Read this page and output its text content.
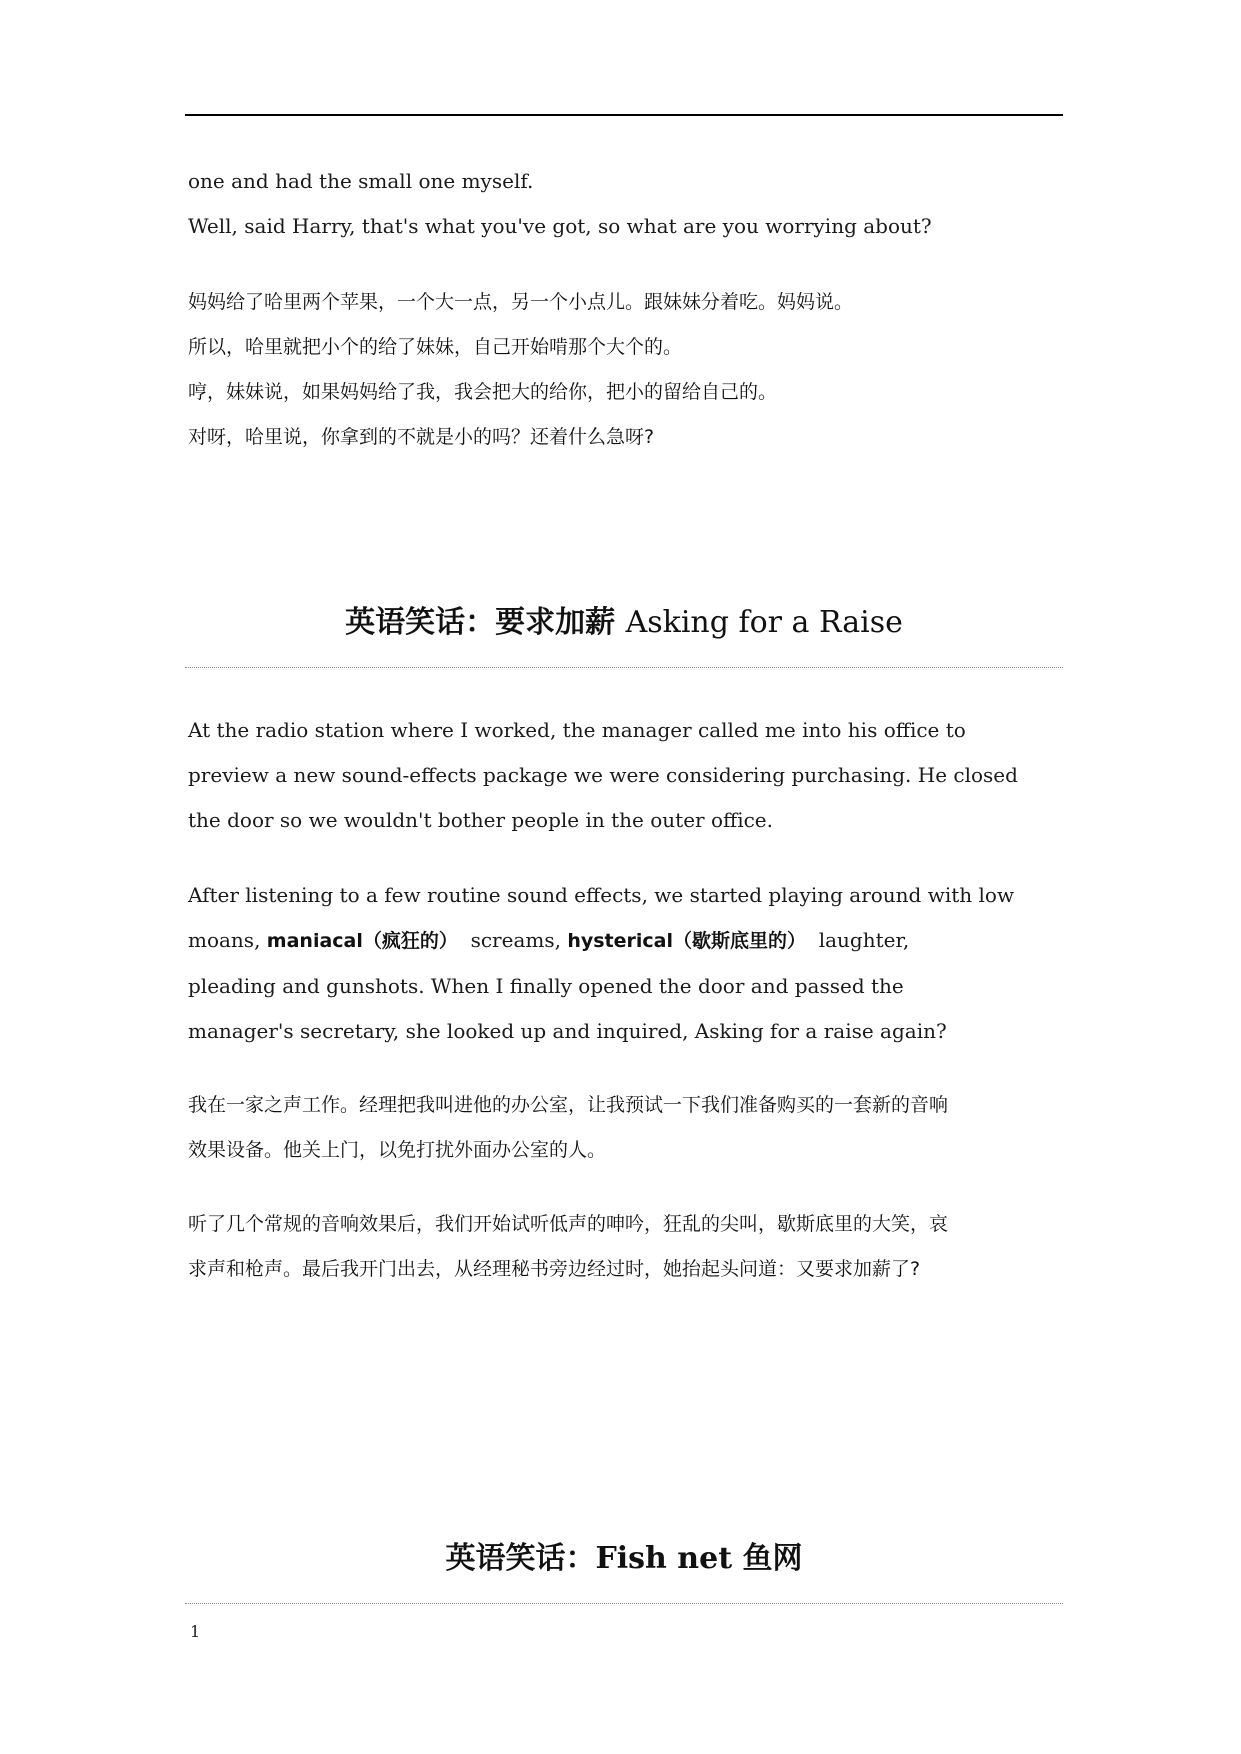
one and had the small one myself.

Well, said Harry, that's what you've got, so what are you worrying about?

妈妈给了哈里两个苹果，一个大一点，另一个小点儿。跟妹妹分着吃。妈妈说。

所以，哈里就把小个的给了妹妹，自己开始啃那个大个的。

哼，妹妹说，如果妈妈给了我，我会把大的给你，把小的留给自己的。

对呀，哈里说，你拿到的不就是小的吗？还着什么急呀?

英语笑话：要求加薪 Asking for a Raise

At the radio station where I worked, the manager called me into his office to

preview a new sound-effects package we were considering purchasing. He closed

the door so we wouldn't bother people in the outer office.

After listening to a few routine sound effects, we started playing around with low

moans, maniacal（疯狂的）  screams, hysterical（歇斯底里的）  laughter,

pleading and gunshots. When I finally opened the door and passed the

manager's secretary, she looked up and inquired, Asking for a raise again?

我在一家之声工作。经理把我叫进他的办公室，让我预试一下我们准备购买的一套新的音响

效果设备。他关上门，以免打扰外面办公室的人。

听了几个常规的音响效果后，我们开始试听低声的呻吟，狂乱的尖叫，歇斯底里的大笑，哀

求声和枪声。最后我开门出去，从经理秘书旁边经过时，她抬起头问道：又要求加薪了?

英语笑话：Fish net 鱼网
1
